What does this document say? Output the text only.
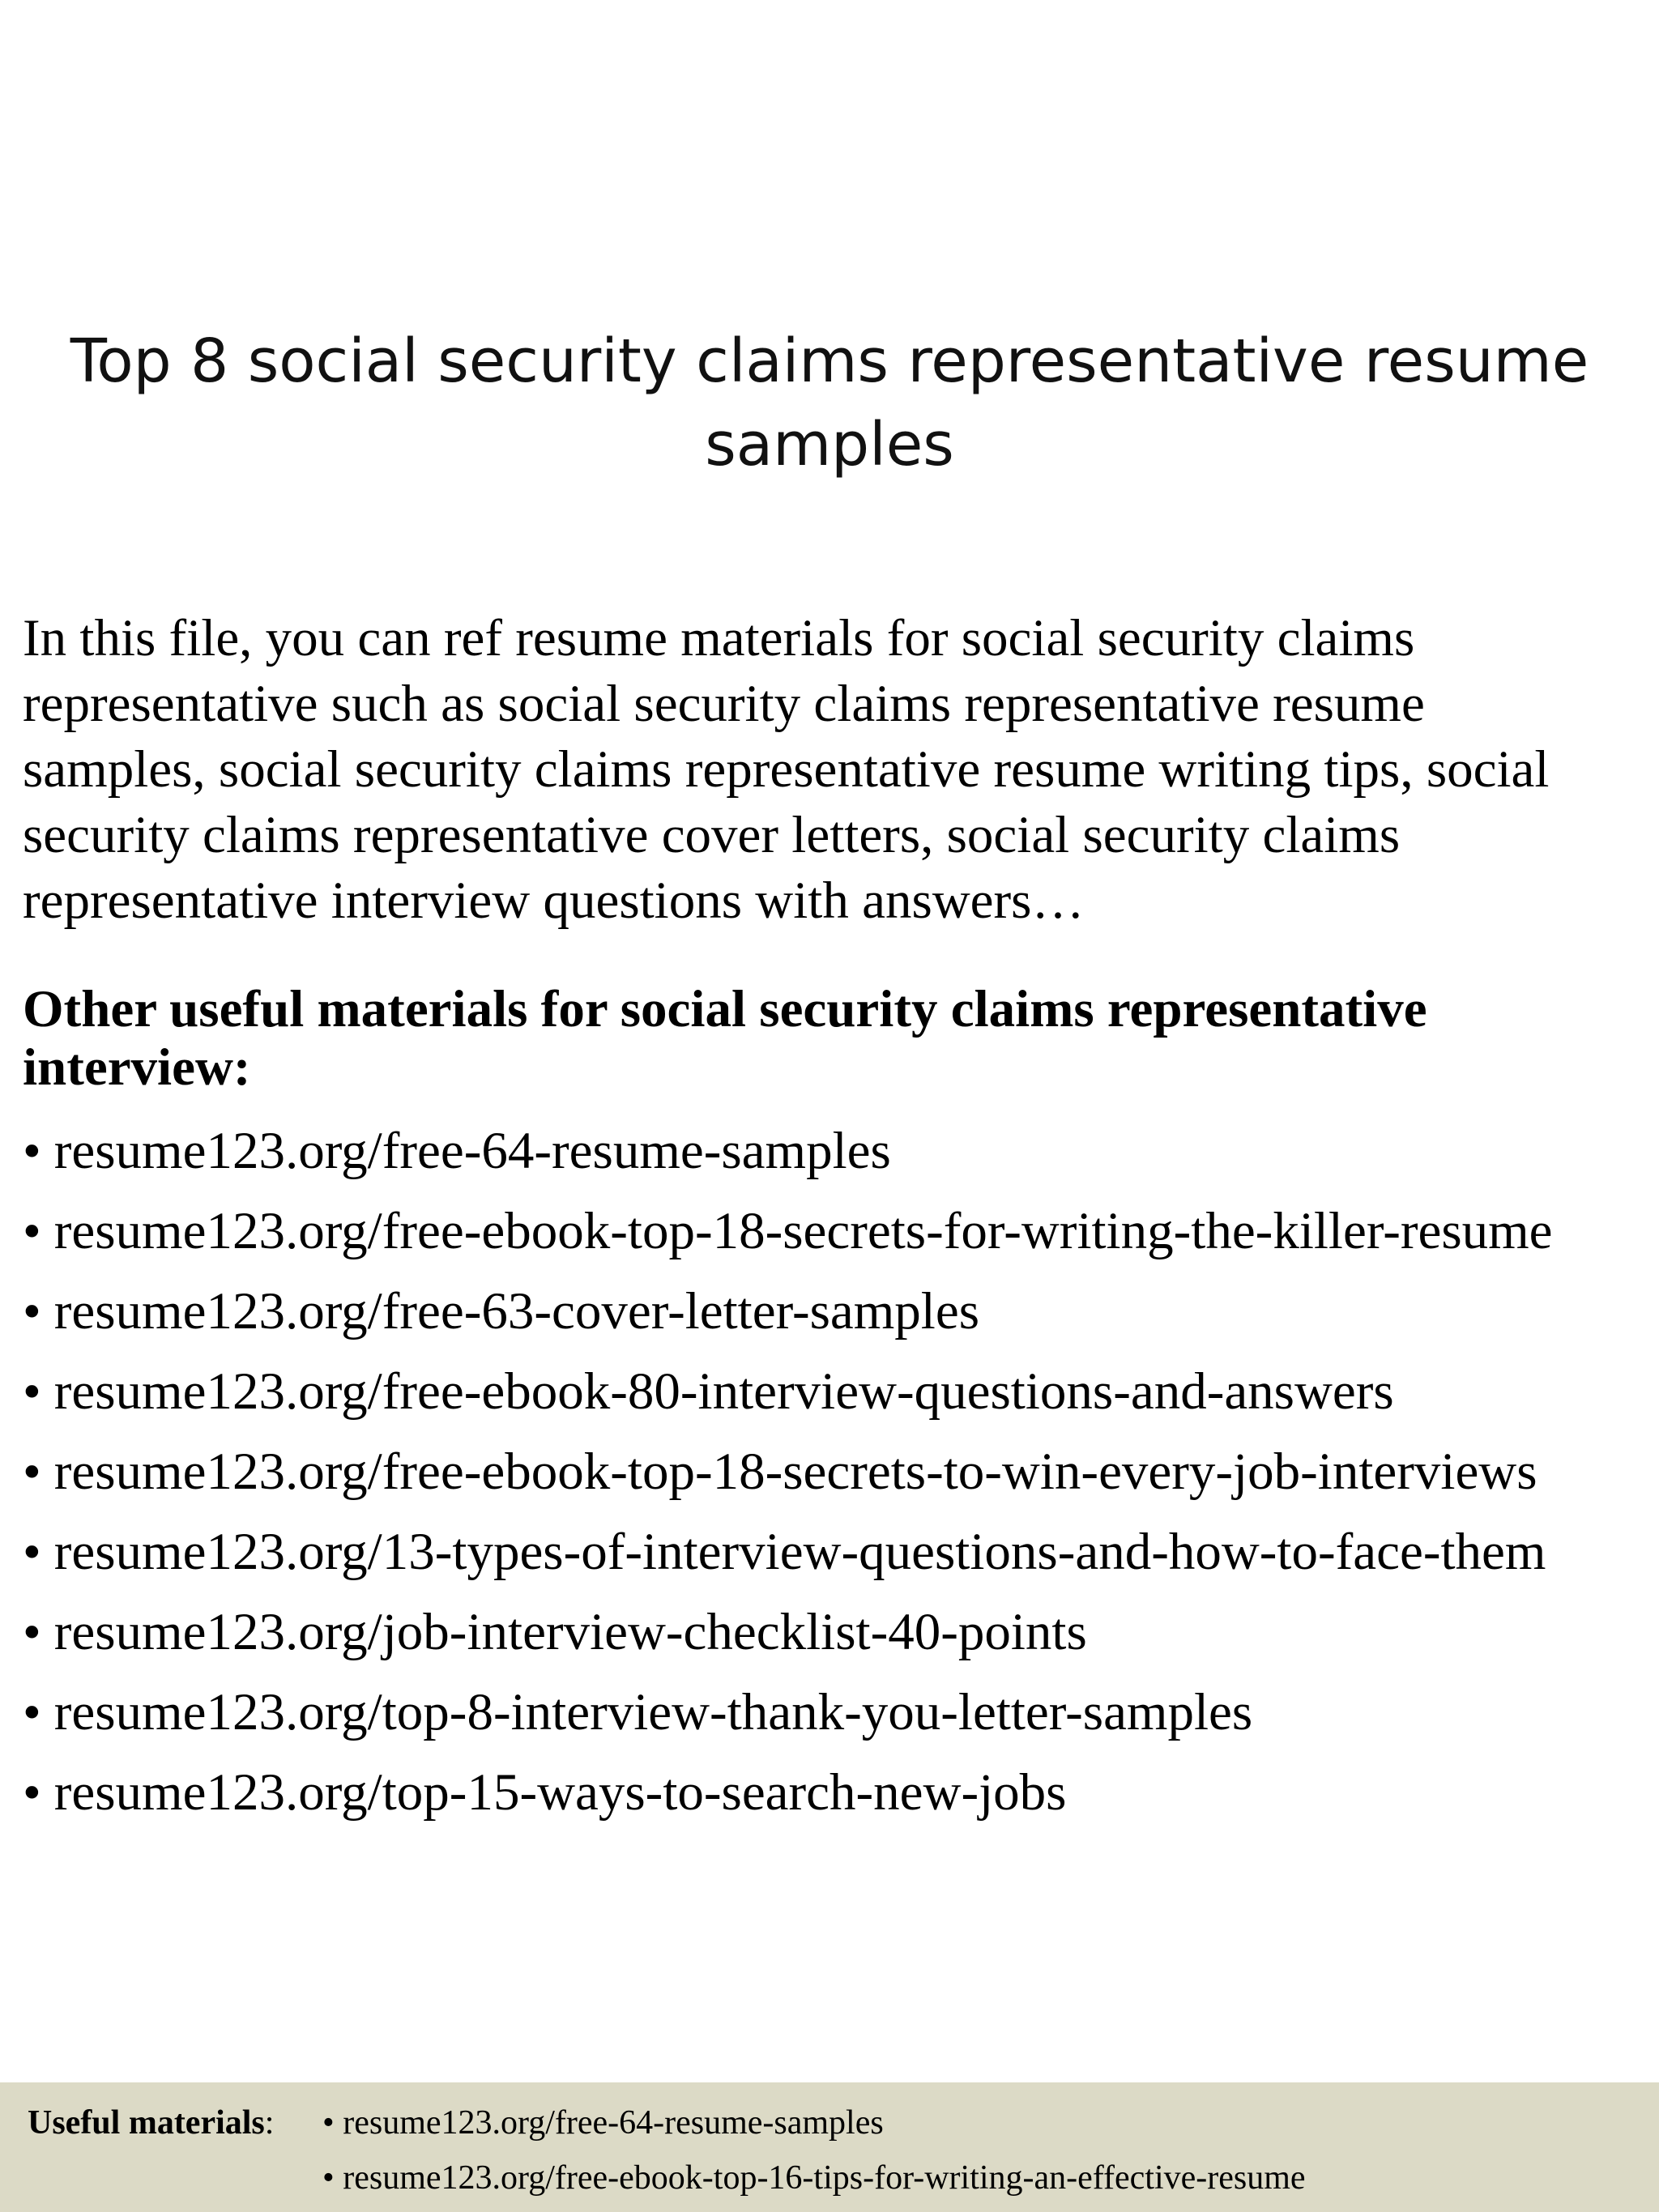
Top 8 social security claims representative resume
samples
In this file, you can ref resume materials for social security claims
representative such as social security claims representative resume
samples, social security claims representative resume writing tips, social
security claims representative cover letters, social security claims
representative interview questions with answers…
Other useful materials for social security claims representative
interview:
• resume123.org/free-64-resume-samples
• resume123.org/free-ebook-top-18-secrets-for-writing-the-killer-resume
• resume123.org/free-63-cover-letter-samples
• resume123.org/free-ebook-80-interview-questions-and-answers
• resume123.org/free-ebook-top-18-secrets-to-win-every-job-interviews
• resume123.org/13-types-of-interview-questions-and-how-to-face-them
• resume123.org/job-interview-checklist-40-points
• resume123.org/top-8-interview-thank-you-letter-samples
• resume123.org/top-15-ways-to-search-new-jobs
Useful materials: • resume123.org/free-64-resume-samples
• resume123.org/free-ebook-top-16-tips-for-writing-an-effective-resume
